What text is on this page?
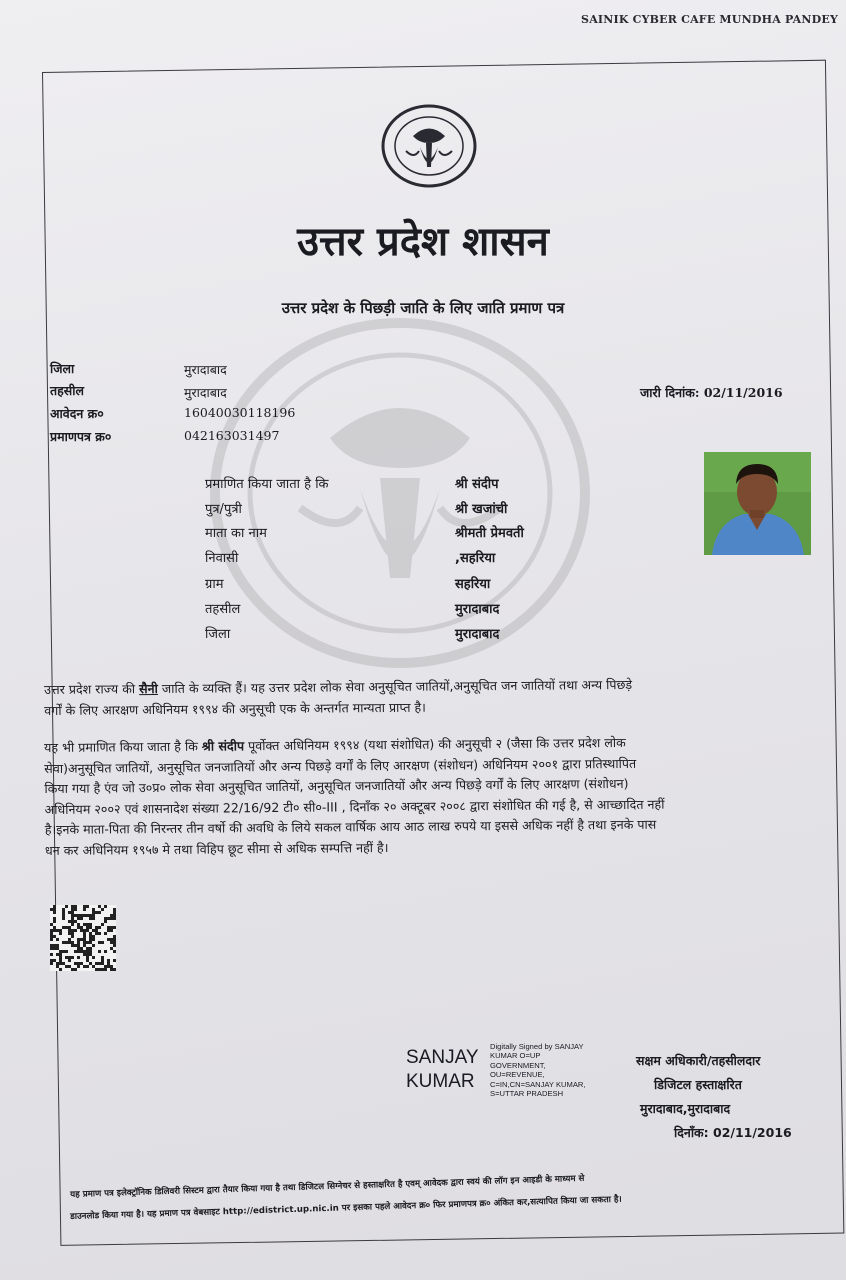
SAINIK CYBER CAFE MUNDHA PANDEY
उत्तर प्रदेश शासन
उत्तर प्रदेश के पिछड़ी जाति के लिए जाति प्रमाण पत्र
जिला	मुरादाबाद
तहसील	मुरादाबाद
आवेदन क्र०	16040030118196
प्रमाणपत्र क्र०	042163031497
जारी दिनांक: 02/11/2016
प्रमाणित किया जाता है कि	श्री संदीप
पुत्र/पुत्री	श्री खजांची
माता का नाम	श्रीमती प्रेमवती
निवासी	,सहरिया
ग्राम	सहरिया
तहसील	मुरादाबाद
जिला	मुरादाबाद
उत्तर प्रदेश राज्य की सैनी जाति के व्यक्ति हैं। यह उत्तर प्रदेश लोक सेवा अनुसूचित जातियों,अनुसूचित जन जातियों तथा अन्य पिछड़े
वर्गों के लिए आरक्षण अधिनियम १९९४ की अनुसूची एक के अन्तर्गत मान्यता प्राप्त है।
यह भी प्रमाणित किया जाता है कि श्री संदीप पूर्वोक्त अधिनियम १९९४ (यथा संशोधित) की अनुसूची २ (जैसा कि उत्तर प्रदेश लोक
सेवा)अनुसूचित जातियों, अनुसूचित जनजातियों और अन्य पिछड़े वर्गों के लिए आरक्षण (संशोधन) अधिनियम २००१ द्वारा प्रतिस्थापित
किया गया है एंव जो उ०प्र० लोक सेवा अनुसूचित जातियों, अनुसूचित जनजातियों और अन्य पिछड़े वर्गों के लिए आरक्षण (संशोधन)
अधिनियम २००२ एवं शासनादेश संख्या 22/16/92 टी० सी०-III , दिनाँक २० अक्टूबर २००८ द्वारा संशोधित की गई है, से आच्छादित नहीं
है।इनके माता-पिता की निरन्तर तीन वर्षो की अवधि के लिये सकल वार्षिक आय आठ लाख रुपये या इससे अधिक नहीं है तथा इनके पास
धन कर अधिनियम १९५७ मे तथा विहिप छूट सीमा से अधिक सम्पत्ति नहीं है।
SANJAY
KUMAR
Digitally Signed by SANJAY
KUMAR O=UP
GOVERNMENT,
OU=REVENUE,
C=IN,CN=SANJAY KUMAR,
S=UTTAR PRADESH
सक्षम अधिकारी/तहसीलदार
डिजिटल हस्ताक्षरित
मुरादाबाद,मुरादाबाद
दिनाँक: 02/11/2016
यह प्रमाण पत्र इलेक्ट्रॉनिक डिलिवरी सिस्टम द्वारा तैयार किया गया है तथा डिजिटल सिग्नेचर से हस्ताक्षरित है एवम् आवेदक द्वारा स्वयं की लॉग इन आइडी के माध्यम से
डाउनलोड किया गया है। यह प्रमाण पत्र वेबसाइट http://edistrict.up.nic.in पर इसका पहले आवेदन क्र० फिर प्रमाणपत्र क्र० अंकित कर,सत्यापित किया जा सकता है।
